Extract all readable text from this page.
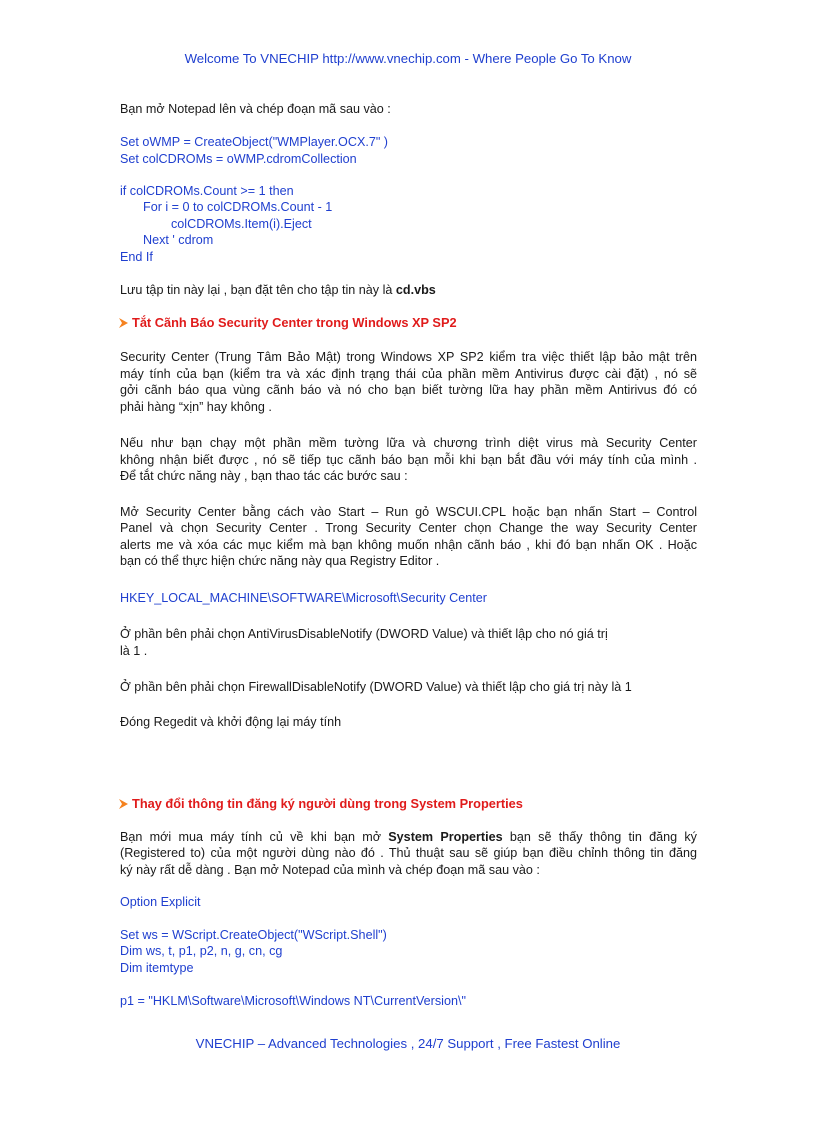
Welcome To VNECHIP http://www.vnechip.com - Where People Go To Know
Bạn mở Notepad lên và chép đoạn mã sau vào :
Set oWMP = CreateObject("WMPlayer.OCX.7" )
Set colCDROMs = oWMP.cdromCollection
if colCDROMs.Count >= 1 then
For i = 0 to colCDROMs.Count - 1
colCDROMs.Item(i).Eject
Next ' cdrom
End If
Lưu tập tin này lại , bạn đặt tên cho tập tin này là cd.vbs
Tắt Cãnh Báo Security Center trong Windows XP SP2
Security Center (Trung Tâm Bảo Mật) trong Windows XP SP2 kiểm tra việc thiết lập bảo mật trên
máy tính của bạn (kiểm tra và xác định trạng thái của phần mềm Antivirus được cài đặt) , nó sẽ
gởi cãnh báo qua vùng cãnh báo và nó cho bạn biết tường lữa hay phần mềm Antirivus đó có
phải hàng “xịn” hay không .
Nếu như bạn chạy một phần mềm tường lữa và chương trình diệt virus mà Security Center
không nhận biết được , nó sẽ tiếp tục cãnh báo bạn mỗi khi bạn bắt đầu với máy tính của mình .
Để tắt chức năng này , bạn thao tác các bước sau :
Mở Security Center bằng cách vào Start – Run gỏ WSCUI.CPL hoặc bạn nhấn Start – Control
Panel và chọn Security Center . Trong Security Center chọn Change the way Security Center
alerts me và xóa các mục kiểm mà bạn không muốn nhận cãnh báo , khi đó bạn nhấn OK . Hoặc
bạn có thể thực hiện chức năng này qua Registry Editor .
HKEY_LOCAL_MACHINE\SOFTWARE\Microsoft\Security Center
Ở phần bên phải chọn AntiVirusDisableNotify (DWORD Value) và thiết lập cho nó giá trị
là 1 .
Ở phần bên phải chọn FirewallDisableNotify (DWORD Value) và thiết lập cho giá trị này là 1
Đóng Regedit và khởi động lại máy tính
Thay đổi thông tin đăng ký người dùng trong System Properties
Bạn mới mua máy tính củ về khi bạn mở System Properties bạn sẽ thấy thông tin đăng ký
(Registered to) của một người dùng nào đó . Thủ thuật sau sẽ giúp bạn điều chỉnh thông tin đăng
ký này rất dễ dàng . Bạn mở Notepad của mình và chép đoạn mã sau vào :
Option Explicit
Set ws = WScript.CreateObject("WScript.Shell")
Dim ws, t, p1, p2, n, g, cn, cg
Dim itemtype
p1 = "HKLM\Software\Microsoft\Windows NT\CurrentVersion\"
VNECHIP – Advanced Technologies , 24/7 Support , Free Fastest Online
